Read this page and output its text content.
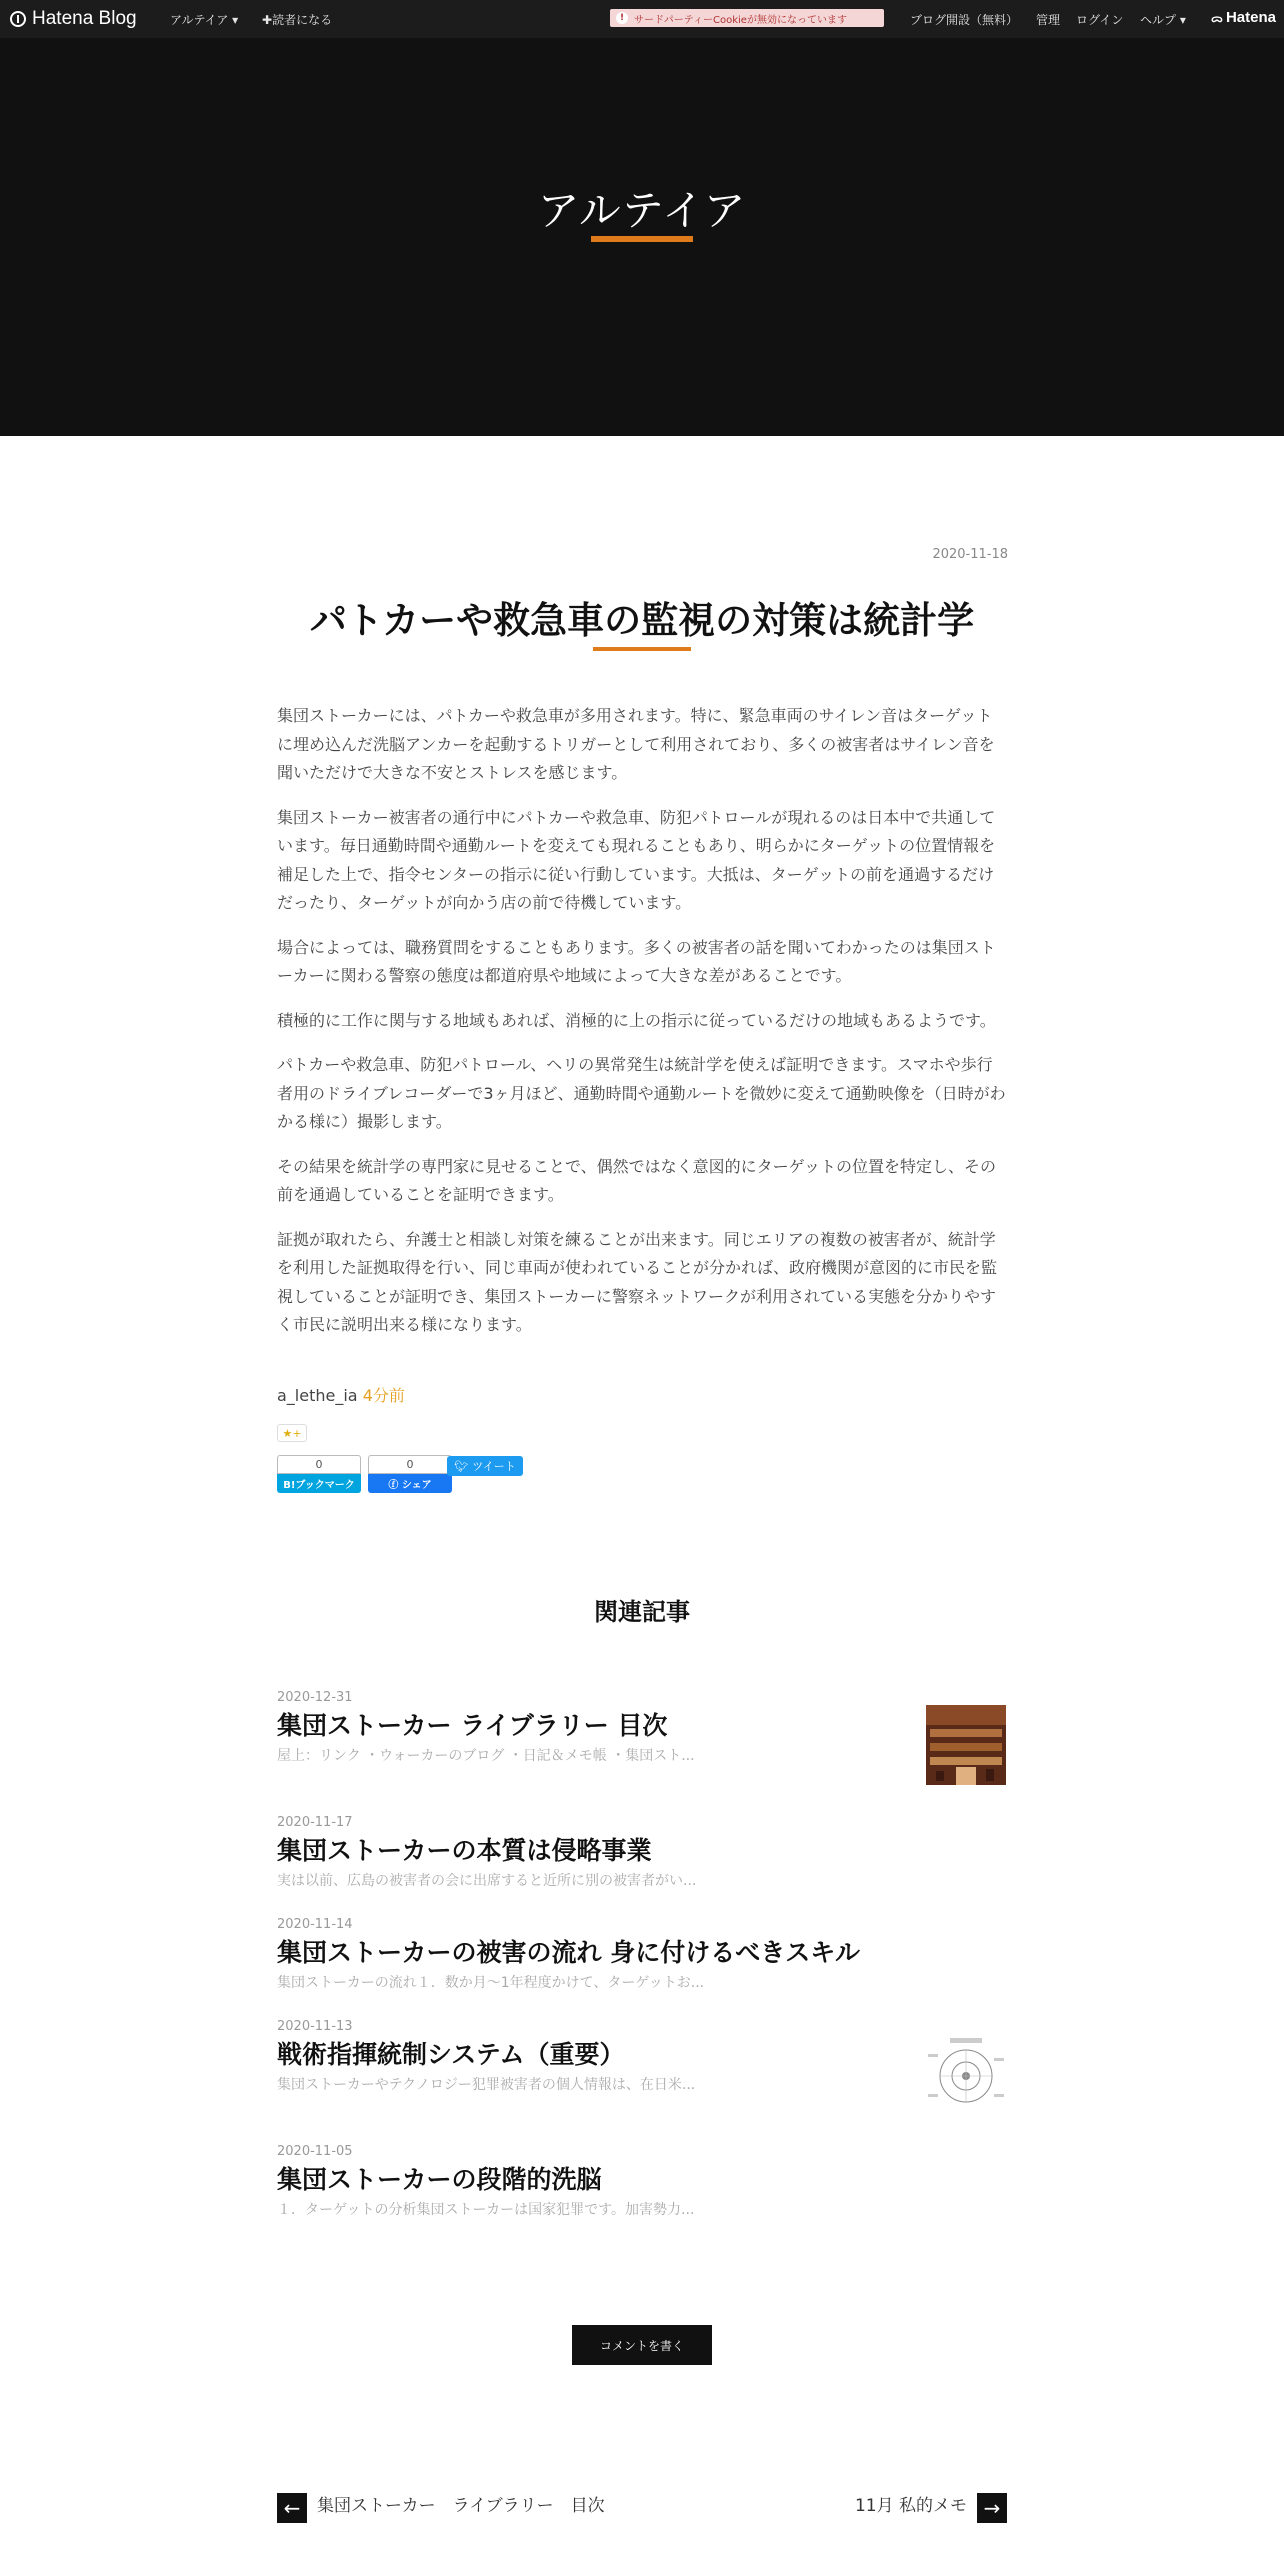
Hatena Blog	アルテイア ▾ ✚読者になる	! サードパーティーCookieが無効になっています	ブログ開設（無料） 管理 ログイン ヘルプ ▾ ᯅ Hatena
アルテイア
2020-11-18
パトカーや救急車の監視の対策は統計学

集団ストーカーには、パトカーや救急車が多用されます。特に、緊急車両のサイレン音はターゲットに埋め込んだ洗脳アンカーを起動するトリガーとして利用されており、多くの被害者はサイレン音を聞いただけで大きな不安とストレスを感じます。

集団ストーカー被害者の通行中にパトカーや救急車、防犯パトロールが現れるのは日本中で共通しています。毎日通勤時間や通勤ルートを変えても現れることもあり、明らかにターゲットの位置情報を補足した上で、指令センターの指示に従い行動しています。大抵は、ターゲットの前を通過するだけだったり、ターゲットが向かう店の前で待機しています。

場合によっては、職務質問をすることもあります。多くの被害者の話を聞いてわかったのは集団ストーカーに関わる警察の態度は都道府県や地域によって大きな差があることです。

積極的に工作に関与する地域もあれば、消極的に上の指示に従っているだけの地域もあるようです。

パトカーや救急車、防犯パトロール、ヘリの異常発生は統計学を使えば証明できます。スマホや歩行者用のドライブレコーダーで3ヶ月ほど、通勤時間や通勤ルートを微妙に変えて通勤映像を（日時がわかる様に）撮影します。

その結果を統計学の専門家に見せることで、偶然ではなく意図的にターゲットの位置を特定し、その前を通過していることを証明できます。

証拠が取れたら、弁護士と相談し対策を練ることが出来ます。同じエリアの複数の被害者が、統計学を利用した証拠取得を行い、同じ車両が使われていることが分かれば、政府機関が意図的に市民を監視していることが証明でき、集団ストーカーに警察ネットワークが利用されている実態を分かりやすく市民に説明出来る様になります。

a_lethe_ia 4分前
★+
0
B!ブックマーク
0
ⓕ シェア
🐦︎ ツイート
関連記事
2020-12-31
集団ストーカー ライブラリー 目次
屋上：リンク ・ウォーカーのブログ ・日記＆メモ帳 ・集団スト...
2020-11-17
集団ストーカーの本質は侵略事業
実は以前、広島の被害者の会に出席すると近所に別の被害者がい...
2020-11-14
集団ストーカーの被害の流れ 身に付けるべきスキル
集団ストーカーの流れ１．数か月～1年程度かけて、ターゲットお...
2020-11-13
戦術指揮統制システム（重要）
集団ストーカーやテクノロジー犯罪被害者の個人情報は、在日米...
2020-11-05
集団ストーカーの段階的洗脳
１．ターゲットの分析集団ストーカーは国家犯罪です。加害勢力...
コメントを書く
← 集団ストーカー　ライブラリー　目次	11月 私的メモ →
